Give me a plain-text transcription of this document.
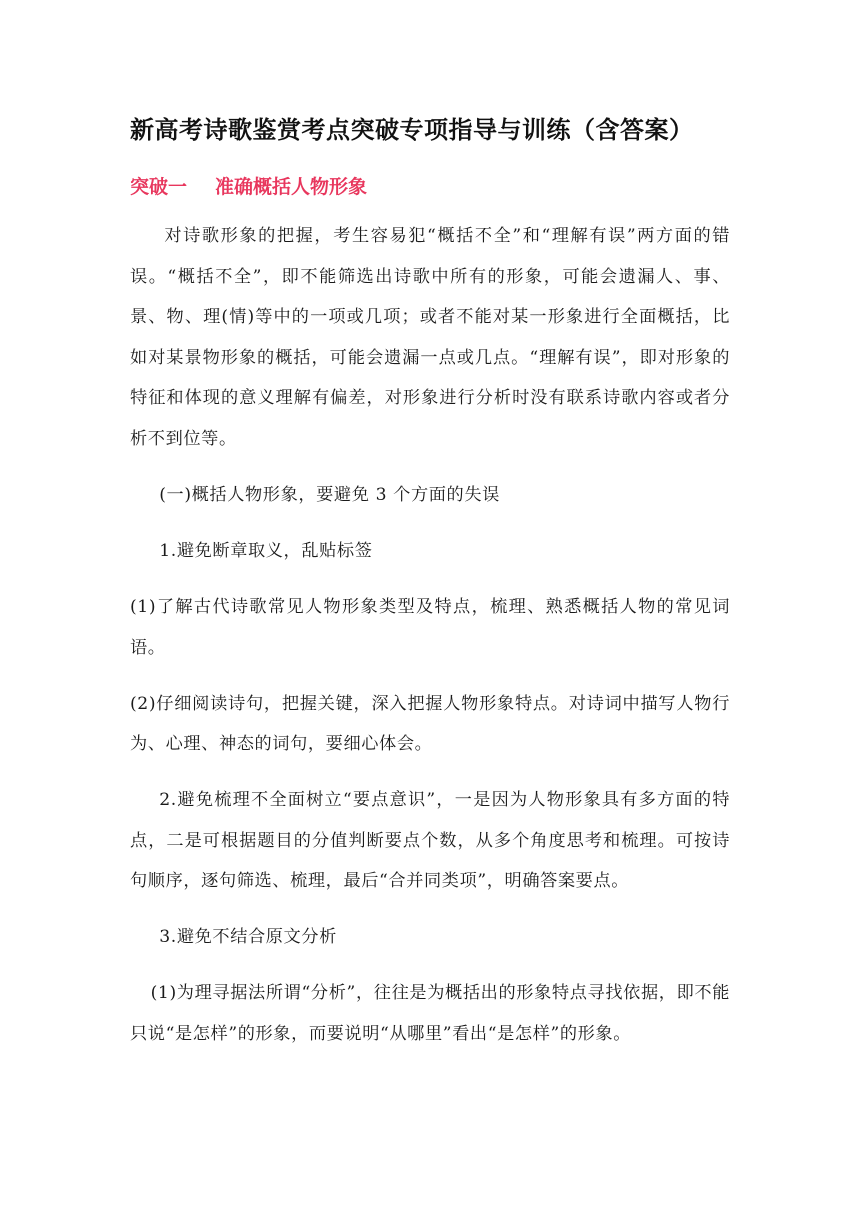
新高考诗歌鉴赏考点突破专项指导与训练（含答案）
突破一 准确概括人物形象

对诗歌形象的把握，考生容易犯“概括不全”和“理解有误”两方面的错误。“概括不全”，即不能筛选出诗歌中所有的形象，可能会遗漏人、事、景、物、理(情)等中的一项或几项；或者不能对某一形象进行全面概括，比如对某景物形象的概括，可能会遗漏一点或几点。“理解有误”，即对形象的特征和体现的意义理解有偏差，对形象进行分析时没有联系诗歌内容或者分析不到位等。

(一)概括人物形象，要避免 3 个方面的失误

1.避免断章取义，乱贴标签

(1)了解古代诗歌常见人物形象类型及特点，梳理、熟悉概括人物的常见词语。

(2)仔细阅读诗句，把握关键，深入把握人物形象特点。对诗词中描写人物行为、心理、神态的词句，要细心体会。

2.避免梳理不全面树立“要点意识”，一是因为人物形象具有多方面的特点，二是可根据题目的分值判断要点个数，从多个角度思考和梳理。可按诗句顺序，逐句筛选、梳理，最后“合并同类项”，明确答案要点。

3.避免不结合原文分析

(1)为理寻据法所谓“分析”，往往是为概括出的形象特点寻找依据，即不能只说“是怎样”的形象，而要说明“从哪里”看出“是怎样”的形象。
